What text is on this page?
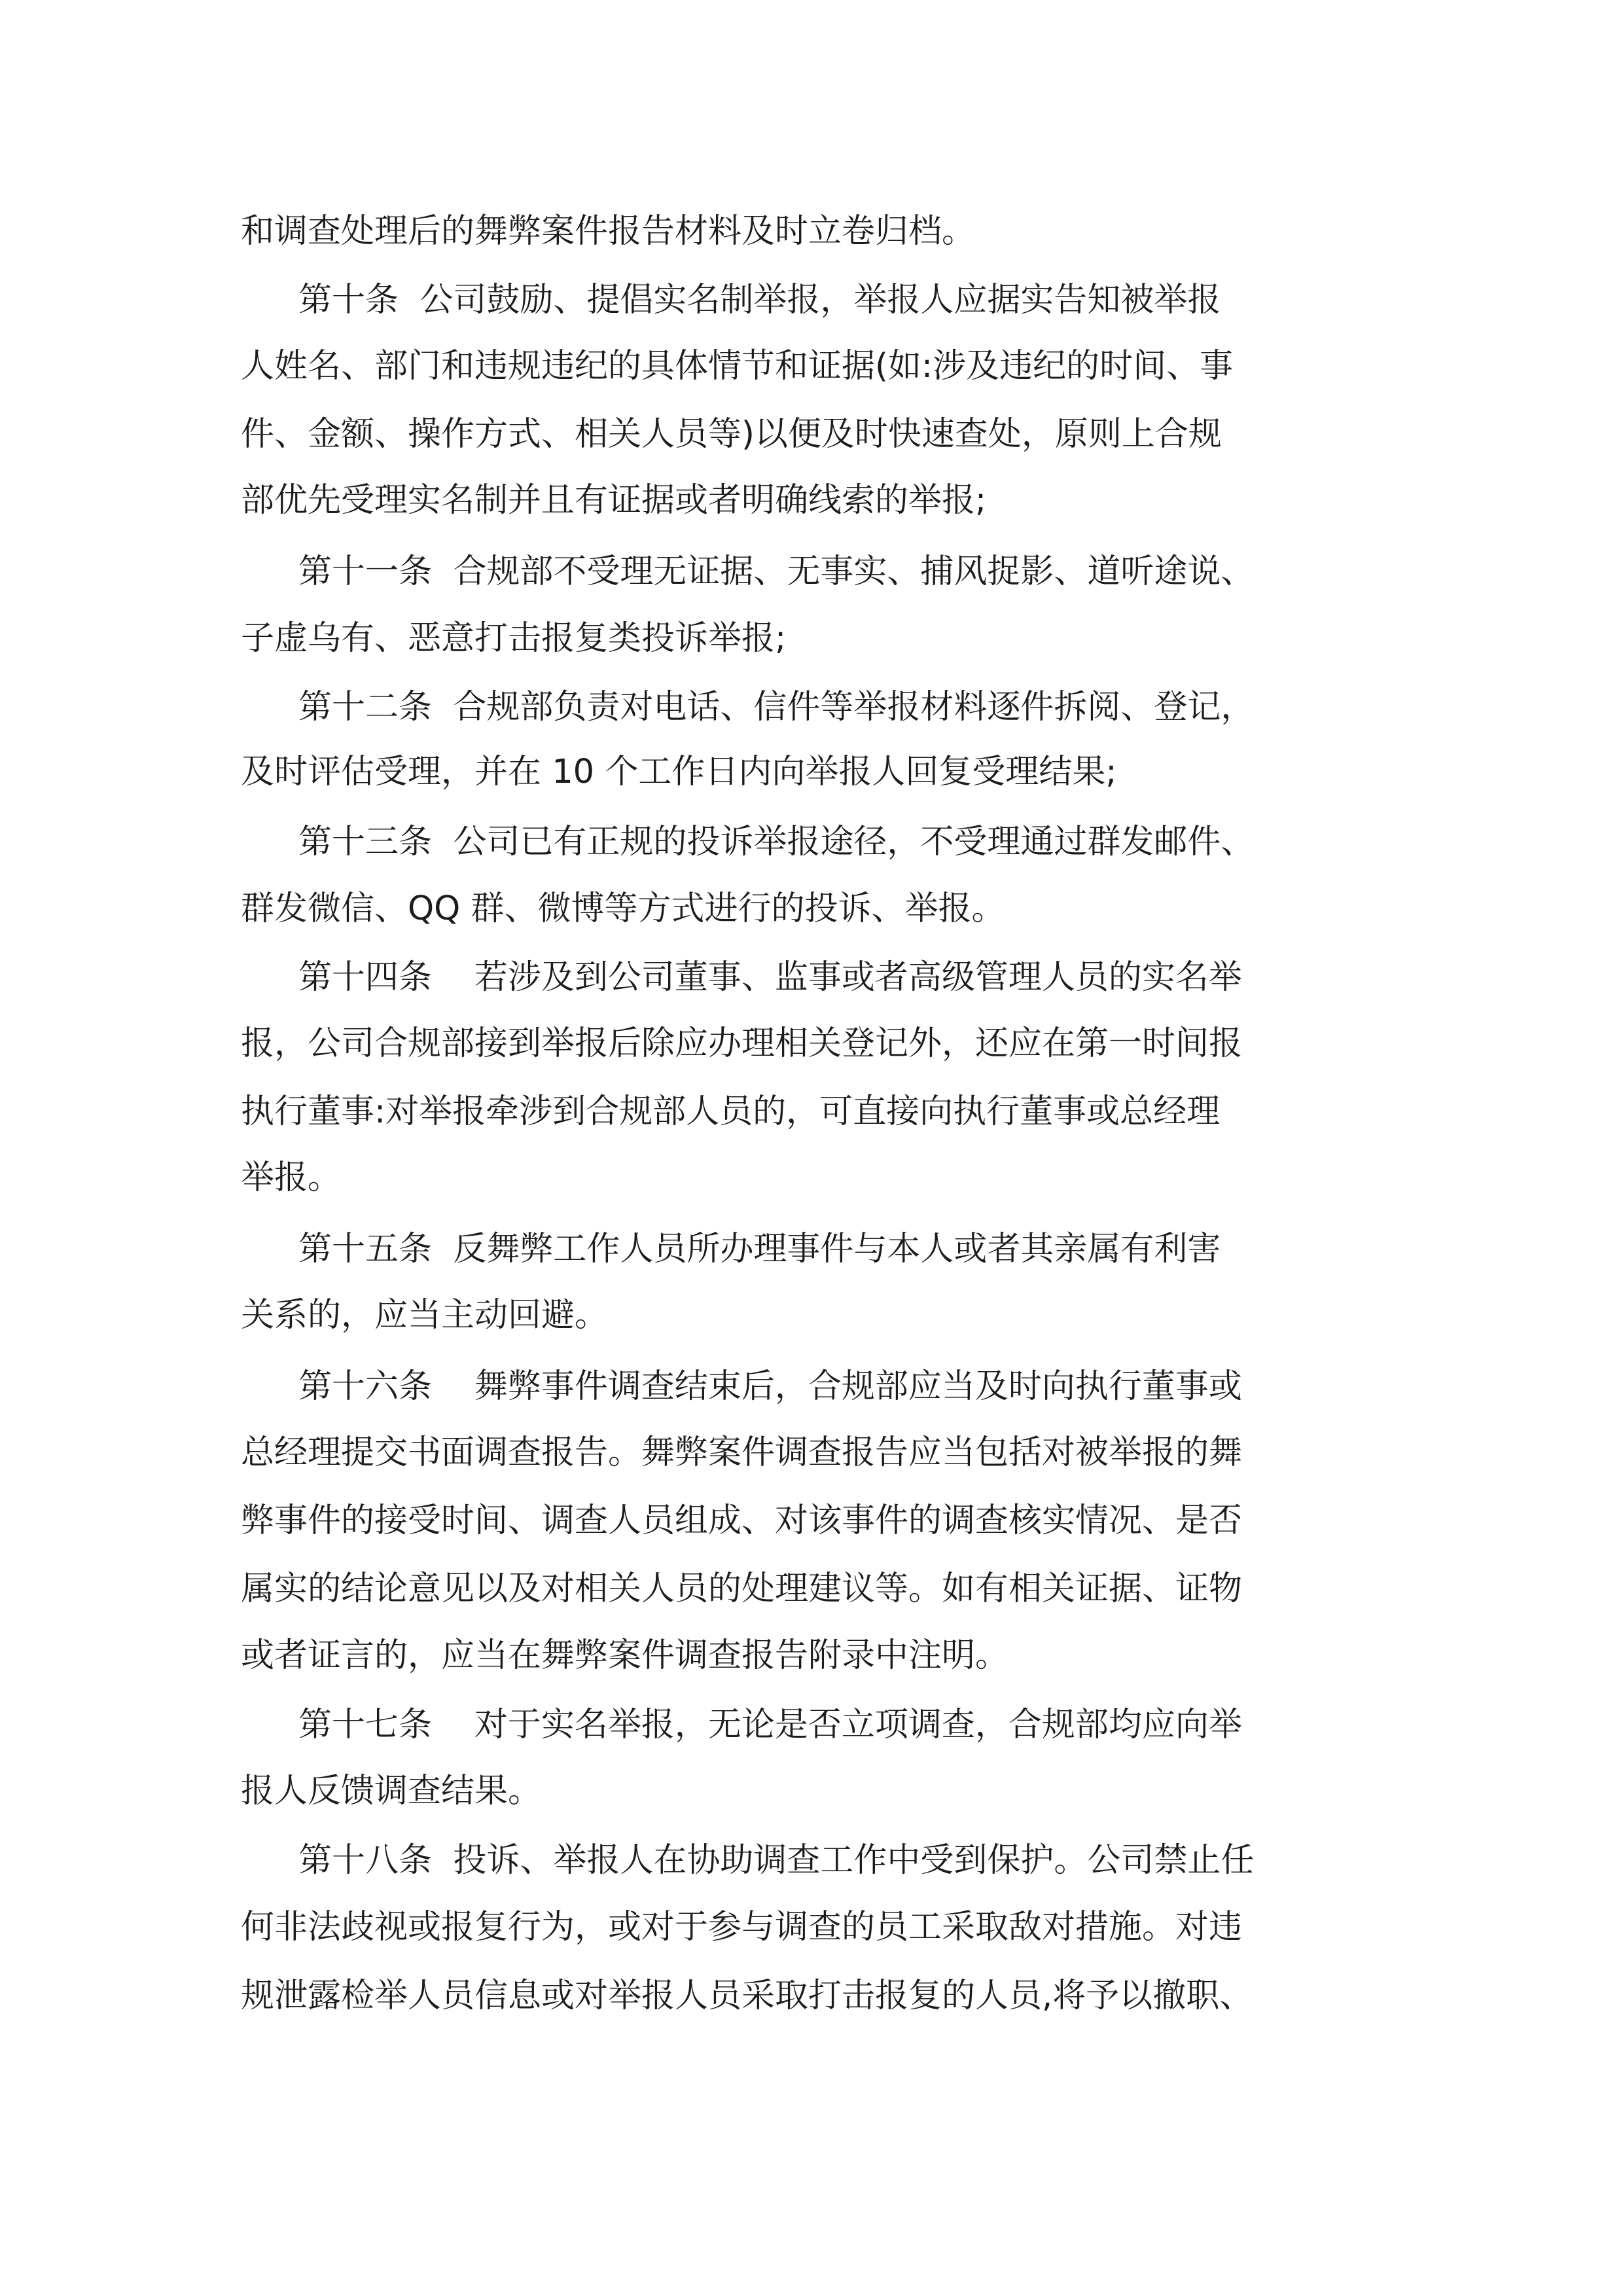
和调查处理后的舞弊案件报告材料及时立卷归档。
第十条  公司鼓励、提倡实名制举报，举报人应据实告知被举报
人姓名、部门和违规违纪的具体情节和证据(如:涉及违纪的时间、事
件、金额、操作方式、相关人员等)以便及时快速查处，原则上合规
部优先受理实名制并且有证据或者明确线索的举报;
第十一条  合规部不受理无证据、无事实、捕风捉影、道听途说、
子虚乌有、恶意打击报复类投诉举报;
第十二条  合规部负责对电话、信件等举报材料逐件拆阅、登记，
及时评估受理，并在 10 个工作日内向举报人回复受理结果;
第十三条  公司已有正规的投诉举报途径，不受理通过群发邮件、
群发微信、QQ 群、微博等方式进行的投诉、举报。
第十四条    若涉及到公司董事、监事或者高级管理人员的实名举
报，公司合规部接到举报后除应办理相关登记外，还应在第一时间报
执行董事:对举报牵涉到合规部人员的，可直接向执行董事或总经理
举报。
第十五条  反舞弊工作人员所办理事件与本人或者其亲属有利害
关系的，应当主动回避。
第十六条    舞弊事件调查结束后，合规部应当及时向执行董事或
总经理提交书面调查报告。舞弊案件调查报告应当包括对被举报的舞
弊事件的接受时间、调查人员组成、对该事件的调查核实情况、是否
属实的结论意见以及对相关人员的处理建议等。如有相关证据、证物
或者证言的，应当在舞弊案件调查报告附录中注明。
第十七条    对于实名举报，无论是否立项调查，合规部均应向举
报人反馈调查结果。
第十八条  投诉、举报人在协助调查工作中受到保护。公司禁止任
何非法歧视或报复行为，或对于参与调查的员工采取敌对措施。对违
规泄露检举人员信息或对举报人员采取打击报复的人员,将予以撤职、
